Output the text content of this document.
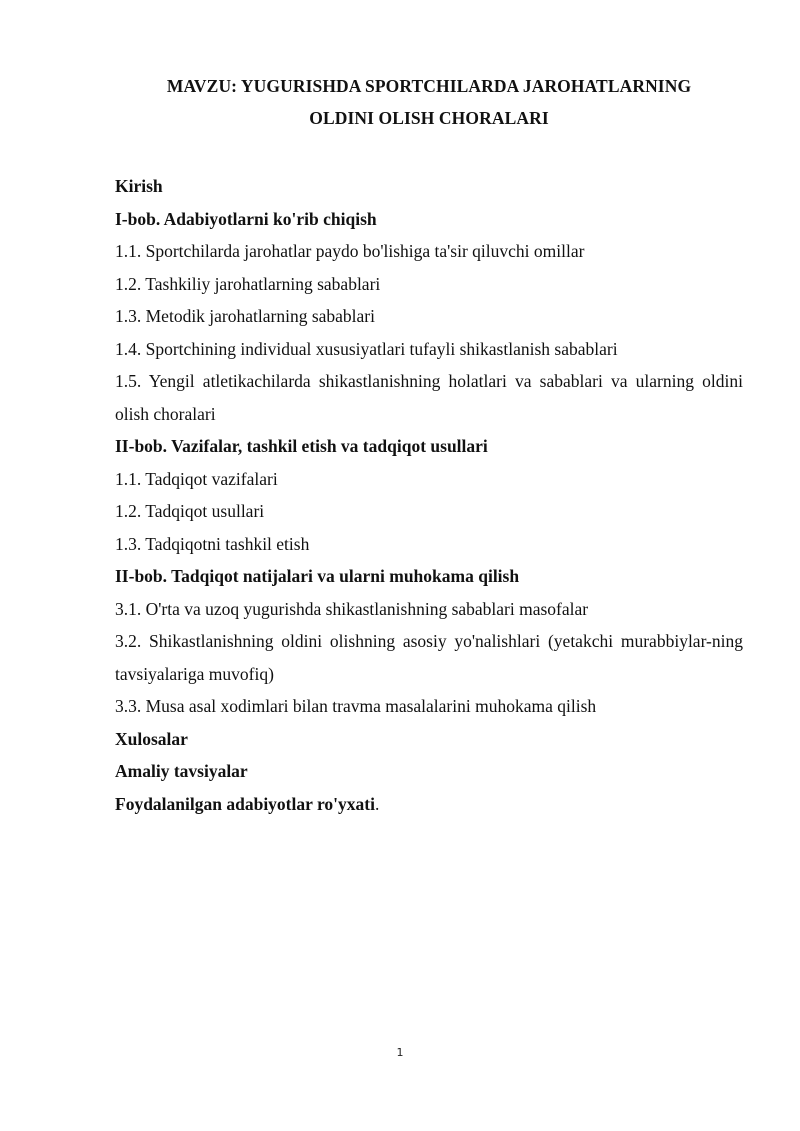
MAVZU: YUGURISHDA SPORTCHILARDA JAROHATLARNING
OLDINI OLISH CHORALARI
Kirish
I-bob. Adabiyotlarni ko'rib chiqish
1.1. Sportchilarda jarohatlar paydo bo'lishiga ta'sir qiluvchi omillar
1.2. Tashkiliy jarohatlarning sabablari
1.3. Metodik jarohatlarning sabablari
1.4. Sportchining individual xususiyatlari tufayli shikastlanish sabablari
1.5. Yengil atletikachilarda shikastlanishning holatlari va sabablari va ularning oldini olish choralari
II-bob. Vazifalar, tashkil etish va tadqiqot usullari
1.1. Tadqiqot vazifalari
1.2. Tadqiqot usullari
1.3. Tadqiqotni tashkil etish
II-bob. Tadqiqot natijalari va ularni muhokama qilish
3.1. O'rta va uzoq yugurishda shikastlanishning sabablari masofalar
3.2. Shikastlanishning oldini olishning asosiy yo'nalishlari (yetakchi murabbiylar-ning tavsiyalariga muvofiq)
3.3. Musa asal xodimlari bilan travma masalalarini muhokama qilish
Xulosalar
Amaliy tavsiyalar
Foydalanilgan adabiyotlar ro'yxati.
1
